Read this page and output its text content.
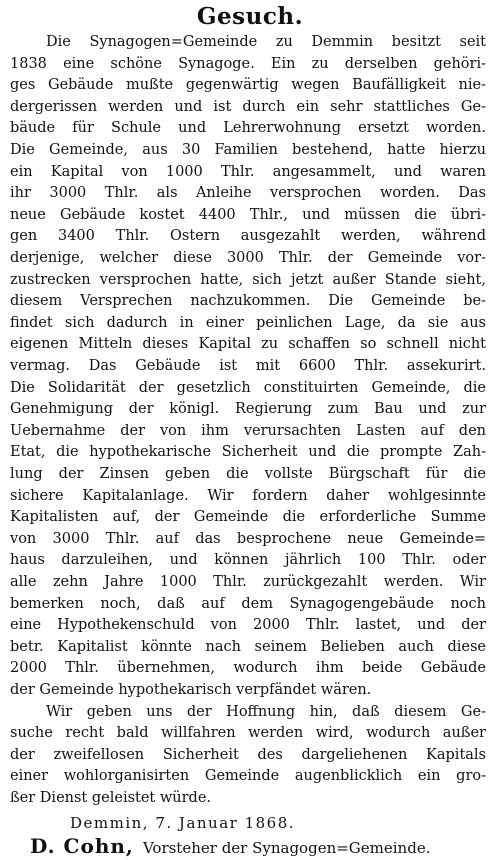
Gesuch.
Die Synagogen=Gemeinde zu Demmin besitzt seit
1838 eine schöne Synagoge. Ein zu derselben gehöri-
ges Gebäude mußte gegenwärtig wegen Baufälligkeit nie-
dergerissen werden und ist durch ein sehr stattliches Ge-
bäude für Schule und Lehrerwohnung ersetzt worden.
Die Gemeinde, aus 30 Familien bestehend, hatte hierzu
ein Kapital von 1000 Thlr. angesammelt, und waren
ihr 3000 Thlr. als Anleihe versprochen worden. Das
neue Gebäude kostet 4400 Thlr., und müssen die übri-
gen 3400 Thlr. Ostern ausgezahlt werden, während
derjenige, welcher diese 3000 Thlr. der Gemeinde vor-
zustrecken versprochen hatte, sich jetzt außer Stande sieht,
diesem Versprechen nachzukommen. Die Gemeinde be-
findet sich dadurch in einer peinlichen Lage, da sie aus
eigenen Mitteln dieses Kapital zu schaffen so schnell nicht
vermag. Das Gebäude ist mit 6600 Thlr. assekurirt.
Die Solidarität der gesetzlich constituirten Gemeinde, die
Genehmigung der königl. Regierung zum Bau und zur
Uebernahme der von ihm verursachten Lasten auf den
Etat, die hypothekarische Sicherheit und die prompte Zah-
lung der Zinsen geben die vollste Bürgschaft für die
sichere Kapitalanlage. Wir fordern daher wohlgesinnte
Kapitalisten auf, der Gemeinde die erforderliche Summe
von 3000 Thlr. auf das besprochene neue Gemeinde=
haus darzuleihen, und können jährlich 100 Thlr. oder
alle zehn Jahre 1000 Thlr. zurückgezahlt werden. Wir
bemerken noch, daß auf dem Synagogengebäude noch
eine Hypothekenschuld von 2000 Thlr. lastet, und der
betr. Kapitalist könnte nach seinem Belieben auch diese
2000 Thlr. übernehmen, wodurch ihm beide Gebäude
der Gemeinde hypothekarisch verpfändet wären.
Wir geben uns der Hoffnung hin, daß diesem Ge-
suche recht bald willfahren werden wird, wodurch außer
der zweifellosen Sicherheit des dargeliehenen Kapitals
einer wohlorganisirten Gemeinde augenblicklich ein gro-
ßer Dienst geleistet würde.
Demmin, 7. Januar 1868.
D. Cohn, Vorsteher der Synagogen=Gemeinde.
